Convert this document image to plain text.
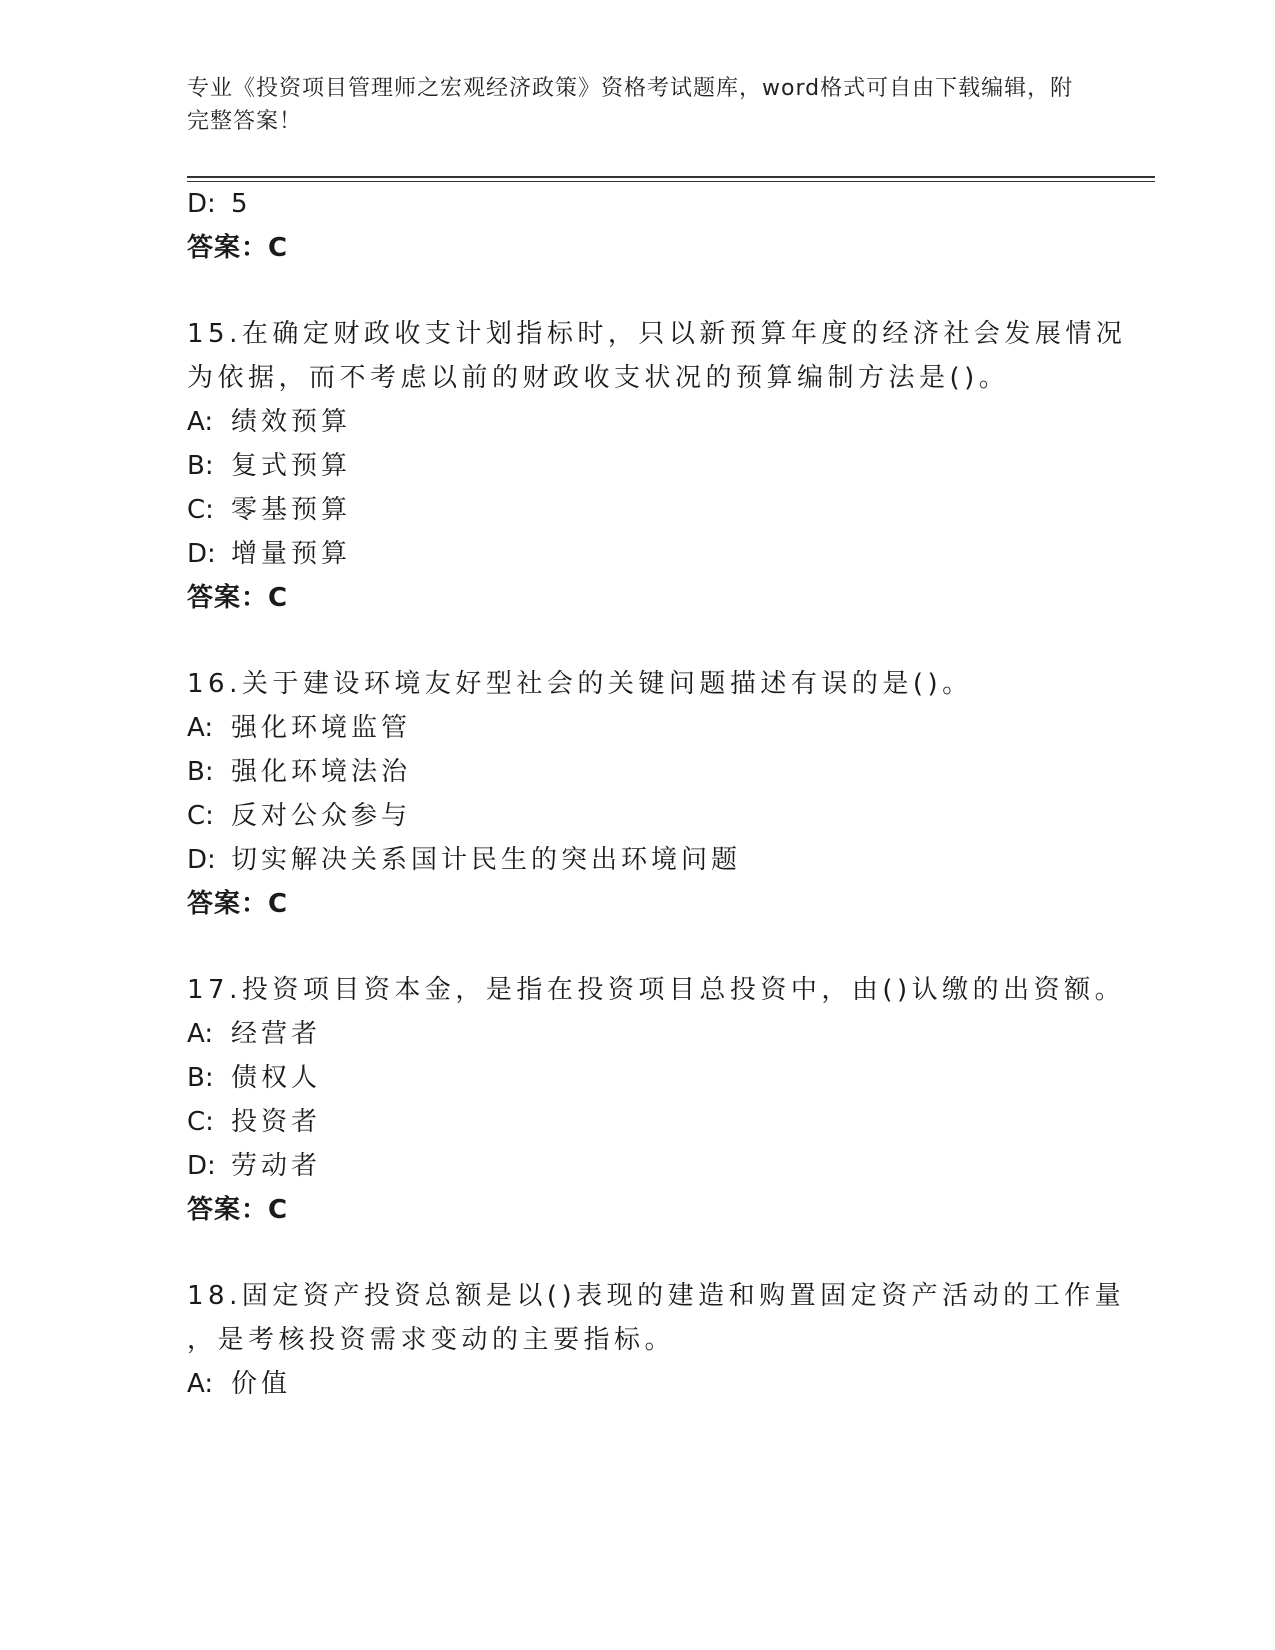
专业《投资项目管理师之宏观经济政策》资格考试题库，word格式可自由下载编辑，附完整答案！
D: 5
答案：C
15.在确定财政收支计划指标时，只以新预算年度的经济社会发展情况
为依据，而不考虑以前的财政收支状况的预算编制方法是()。
A: 绩效预算
B: 复式预算
C: 零基预算
D: 增量预算
答案：C
16.关于建设环境友好型社会的关键问题描述有误的是()。
A: 强化环境监管
B: 强化环境法治
C: 反对公众参与
D: 切实解决关系国计民生的突出环境问题
答案：C
17.投资项目资本金，是指在投资项目总投资中，由()认缴的出资额。
A: 经营者
B: 债权人
C: 投资者
D: 劳动者
答案：C
18.固定资产投资总额是以()表现的建造和购置固定资产活动的工作量
，是考核投资需求变动的主要指标。
A: 价值
